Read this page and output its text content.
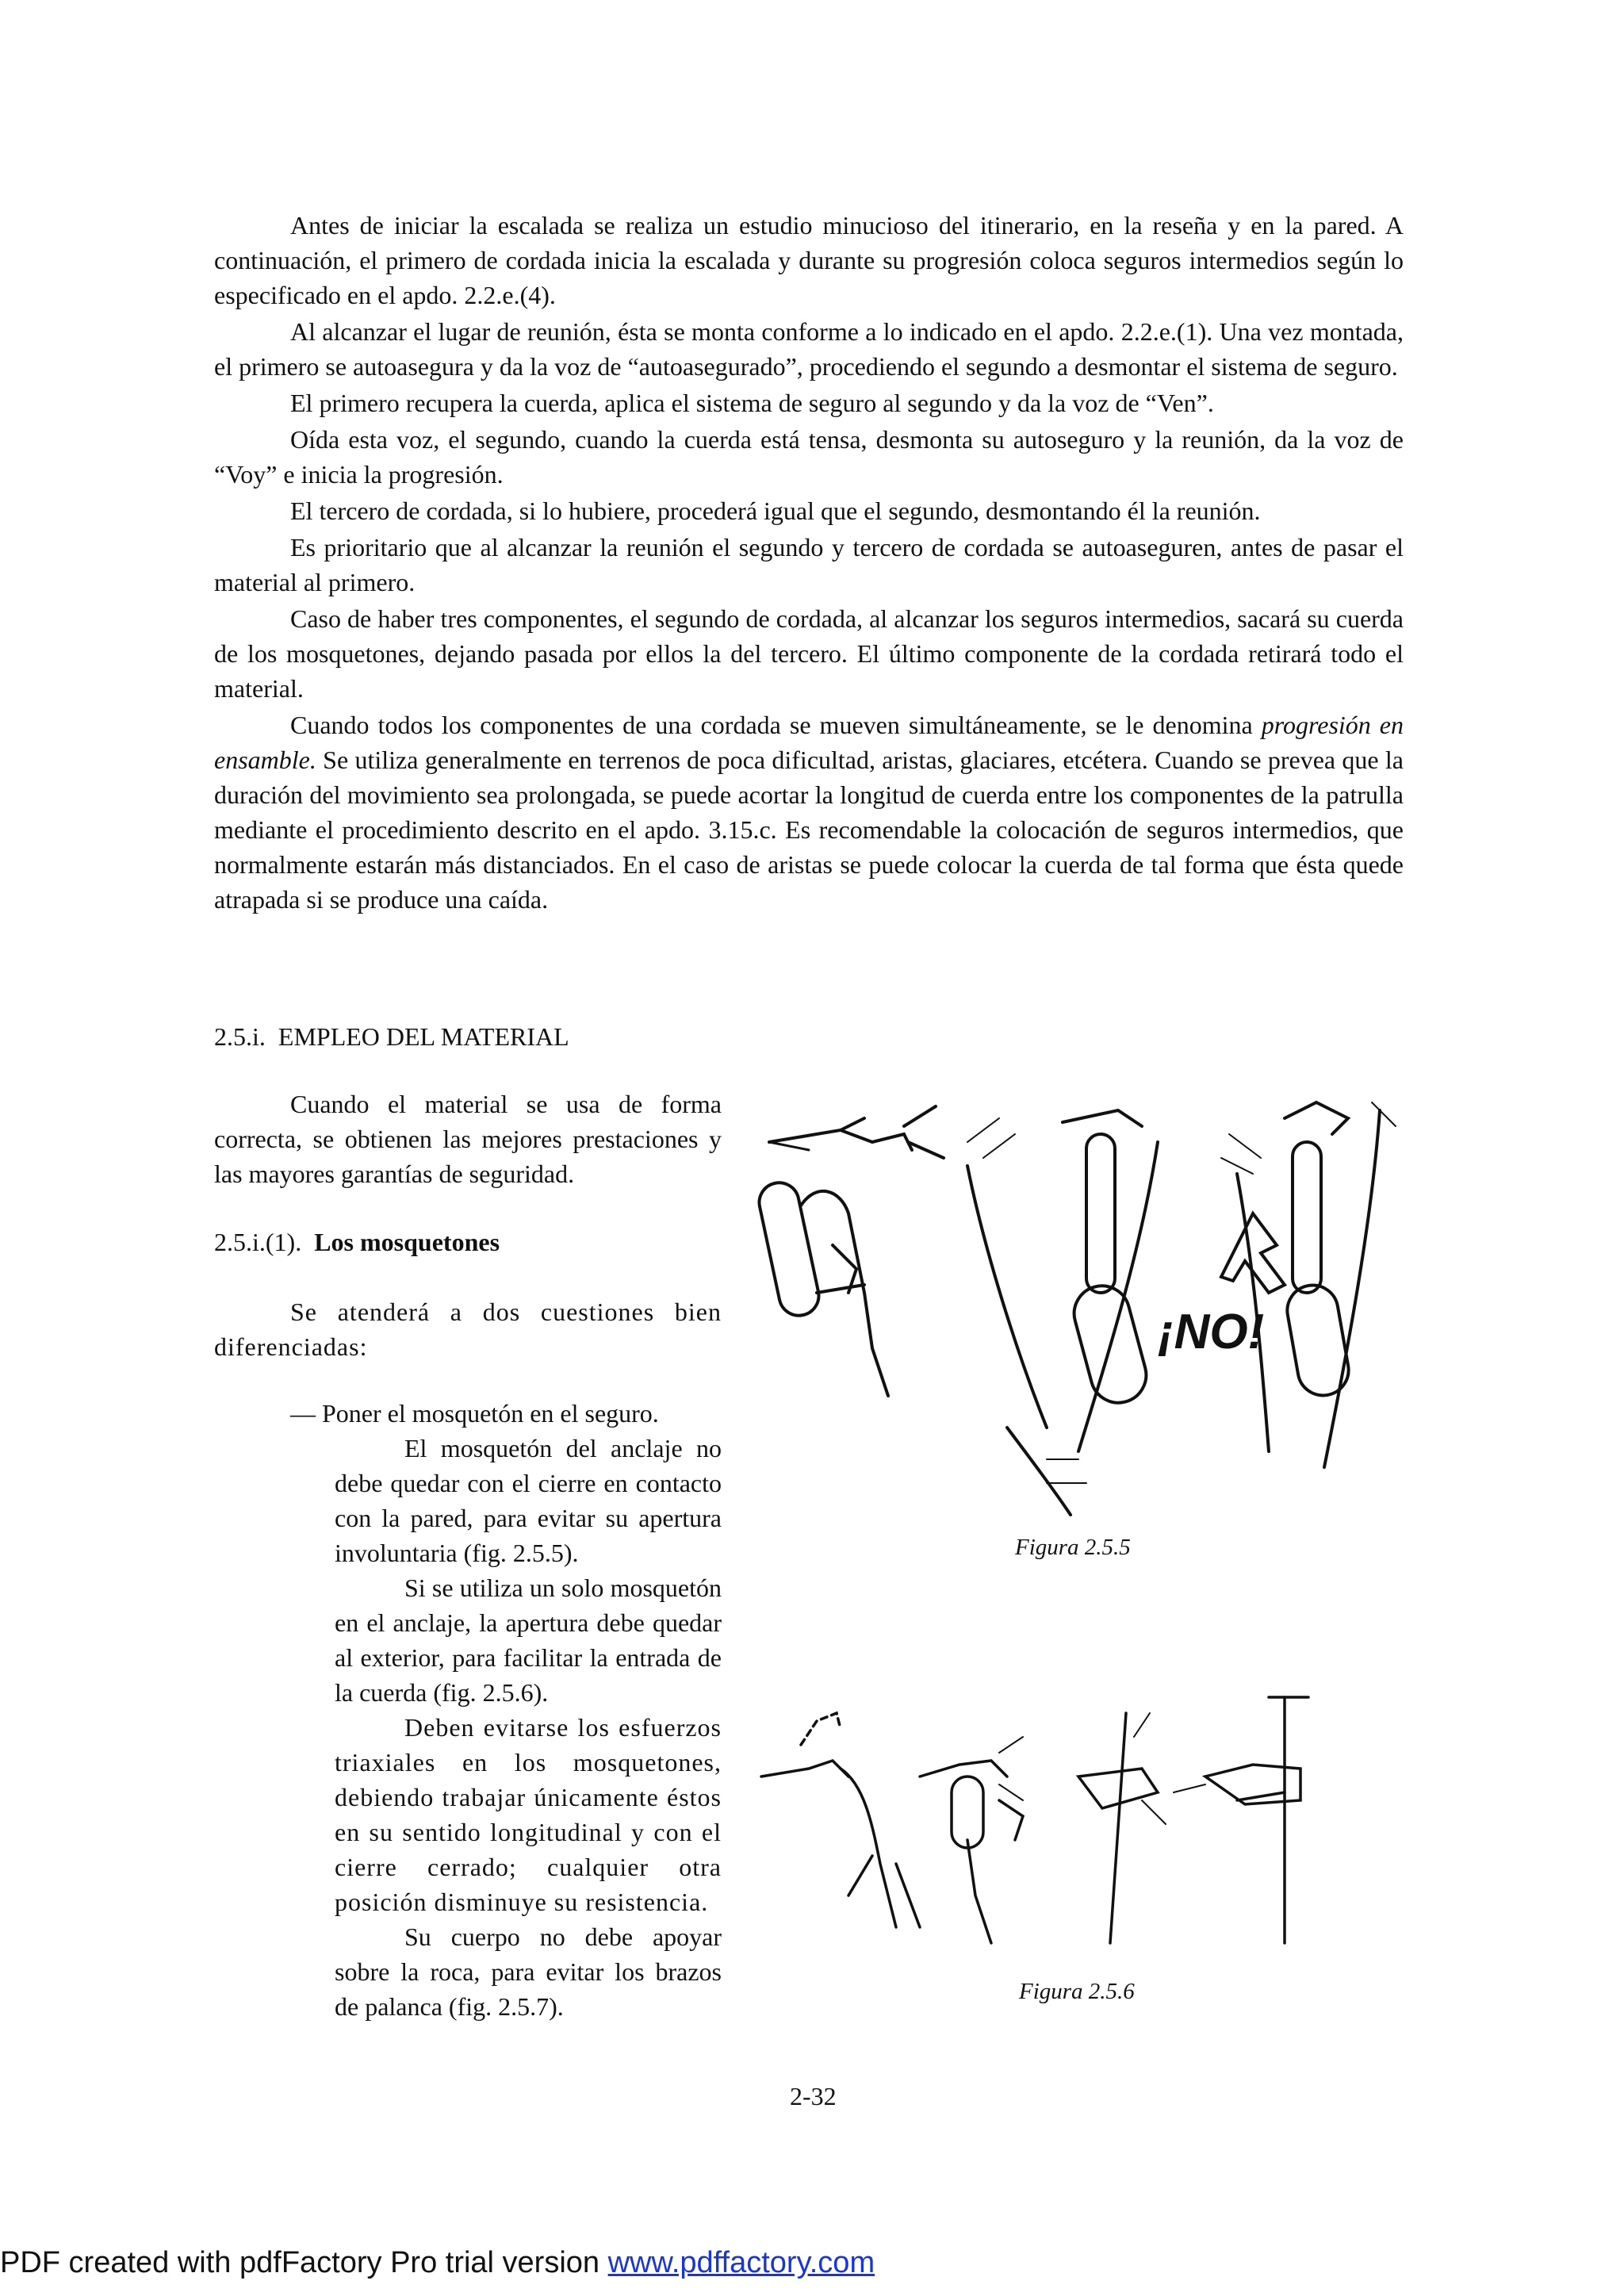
Antes de iniciar la escalada se realiza un estudio minucioso del itinerario, en la reseña y en la pared. A continuación, el primero de cordada inicia la escalada y durante su progresión coloca seguros intermedios según lo especificado en el apdo. 2.2.e.(4).

Al alcanzar el lugar de reunión, ésta se monta conforme a lo indicado en el apdo. 2.2.e.(1). Una vez montada, el primero se autoasegura y da la voz de “autoasegurado”, procediendo el segundo a desmontar el sistema de seguro.

El primero recupera la cuerda, aplica el sistema de seguro al segundo y da la voz de “Ven”.

Oída esta voz, el segundo, cuando la cuerda está tensa, desmonta su autoseguro y la reunión, da la voz de “Voy” e inicia la progresión.

El tercero de cordada, si lo hubiere, procederá igual que el segundo, desmontando él la reunión.

Es prioritario que al alcanzar la reunión el segundo y tercero de cordada se autoaseguren, antes de pasar el material al primero.

Caso de haber tres componentes, el segundo de cordada, al alcanzar los seguros intermedios, sacará su cuerda de los mosquetones, dejando pasada por ellos la del tercero. El último componente de la cordada retirará todo el material.

Cuando todos los componentes de una cordada se mueven simultáneamente, se le denomina progresión en ensamble. Se utiliza generalmente en terrenos de poca dificultad, aristas, glaciares, etcétera. Cuando se prevea que la duración del movimiento sea prolongada, se puede acortar la longitud de cuerda entre los componentes de la patrulla mediante el procedimiento descrito en el apdo. 3.15.c. Es recomendable la colocación de seguros intermedios, que normalmente estarán más distanciados. En el caso de aristas se puede colocar la cuerda de tal forma que ésta quede atrapada si se produce una caída.

2.5.i.  EMPLEO DEL MATERIAL

Cuando el material se usa de forma correcta, se obtienen las mejores prestaciones y las mayores garantías de seguridad.

2.5.i.(1). Los mosquetones

Se atenderá a dos cuestiones bien diferenciadas:

— Poner el mosquetón en el seguro.

El mosquetón del anclaje no debe quedar con el cierre en contacto con la pared, para evitar su apertura involuntaria (fig. 2.5.5).

Si se utiliza un solo mosquetón en el anclaje, la apertura debe quedar al exterior, para facilitar la entrada de la cuerda (fig. 2.5.6).

Deben evitarse los esfuerzos triaxiales en los mosquetones, debiendo trabajar únicamente éstos en su sentido longitudinal y con el cierre cerrado; cualquier otra posición disminuye su resistencia.

Su cuerpo no debe apoyar sobre la roca, para evitar los brazos de palanca (fig. 2.5.7).

¡NO!
Figura 2.5.5
Figura 2.5.6
2-32
PDF created with pdfFactory Pro trial version www.pdffactory.com
